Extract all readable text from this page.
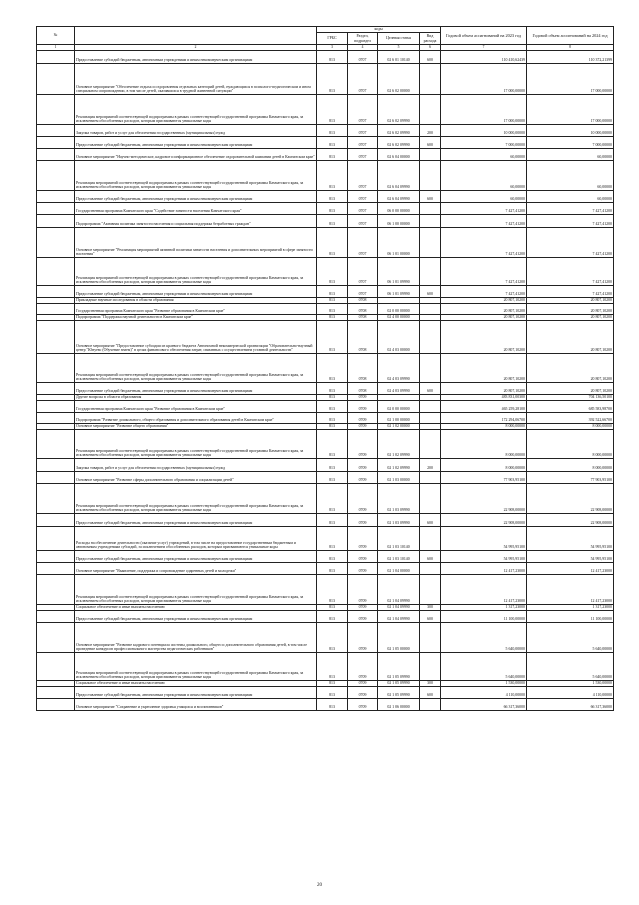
№		коды				Годовой объем ассигнований на 2023 год	Годовой объем ассигнований на 2024 год
		ГРБС	Раздел, подраздел	Целевая статья	Вид расхода		
1	2	3	4	5	6	7	8
	Предоставление субсидий бюджетным, автономным учреждениям и иным некоммерческим организациям	813	0707	02 6 01 10140	600	110 410,62439	110 372,21399
	Основное мероприятие "Обеспечение отдыха и оздоровления отдельных категорий детей, нуждающихся в психолого-педагогическом и ином специальном сопровождении, в том числе детей, оказавшихся в трудной жизненной ситуации"	813	0707	02 6 02 00000		17 000,00000	17 000,00000
	Реализация мероприятий соответствующей подпрограммы в рамках соответствующей государственной программы Камчатского края, за исключением обособленных расходов, которым присваиваются уникальные коды	813	0707	02 6 02 09990		17 000,00000	17 000,00000
	Закупка товаров, работ и услуг для обеспечения государственных (муниципальных) нужд	813	0707	02 6 02 09990	200	10 000,00000	10 000,00000
	Предоставление субсидий бюджетным, автономным учреждениям и иным некоммерческим организациям	813	0707	02 6 02 09990	600	7 000,00000	7 000,00000
	Основное мероприятие "Научно-методическое, кадровое и информационное обеспечение оздоровительной кампании детей в Камчатском крае"	813	0707	02 6 04 00000		60,00000	60,00000
	Реализация мероприятий соответствующей подпрограммы в рамках соответствующей государственной программы Камчатского края, за исключением обособленных расходов, которым присваиваются уникальные коды	813	0707	02 6 04 09990		60,00000	60,00000
	Предоставление субсидий бюджетным, автономным учреждениям и иным некоммерческим организациям	813	0707	02 6 04 09990	600	60,00000	60,00000
	Государственная программа Камчатского края "Содействие занятости населения Камчатского края"	813	0707	06 0 00 00000		7 427,41200	7 427,41200
	Подпрограмма "Активная политика занятости населения и социальная поддержка безработных граждан"	813	0707	06 1 00 00000		7 427,41200	7 427,41200
	Основное мероприятие "Реализация мероприятий активной политики занятости населения и дополнительных мероприятий в сфере занятости населения"	813	0707	06 1 01 00000		7 427,41200	7 427,41200
	Реализация мероприятий соответствующей подпрограммы в рамках соответствующей государственной программы Камчатского края, за исключением обособленных расходов, которым присваиваются уникальные коды	813	0707	06 1 01 09990		7 427,41200	7 427,41200
	Предоставление субсидий бюджетным, автономным учреждениям и иным некоммерческим организациям	813	0707	06 1 01 09990	600	7 427,41200	7 427,41200
	Прикладные научные исследования в области образования	813	0708			20 807,10200	20 807,10200
	Государственная программа Камчатского края "Развитие образования в Камчатском крае"	813	0708	02 0 00 00000		20 807,10200	20 807,10200
	Подпрограмма "Поддержка научной деятельности в Камчатском крае"	813	0708	02 4 00 00000		20 807,10200	20 807,10200
	Основное мероприятие "Предоставление субсидии из краевого бюджета Автономной некоммерческой организации "Образовательно-научный центр "Юнуевс (Обучение знаем)" в целях финансового обеспечения затрат, связанных с осуществлением уставной деятельности"	813	0708	02 4 03 00000		20 807,10200	20 807,10200
	Реализация мероприятий соответствующей подпрограммы в рамках соответствующей государственной программы Камчатского края, за исключением обособленных расходов, которым присваиваются уникальные коды	813	0708	02 4 03 09990		20 807,10200	20 807,10200
	Предоставление субсидий бюджетным, автономным учреждениям и иным некоммерческим организациям	813	0708	02 4 03 09990	600	20 807,10200	20 807,10200
	Другие вопросы в области образования	813	0709			483 831,00300	704 136,50100
	Государственная программа Камчатского края "Развитие образования в Камчатском крае"	813	0709	02 0 00 00000		465 259,28100	685 583,98700
	Подпрограмма "Развитие дошкольного, общего образования и дополнительного образования детей в Камчатском крае"	813	0709	02 1 00 00000		172 294,06700	392 522,66700
	Основное мероприятие "Развитие общего образования"	813	0709	02 1 02 00000		8 000,00000	8 000,00000
	Реализация мероприятий соответствующей подпрограммы в рамках соответствующей государственной программы Камчатского края, за исключением обособленных расходов, которым присваиваются уникальные коды	813	0709	02 1 02 09990		8 000,00000	8 000,00000
	Закупка товаров, работ и услуг для обеспечения государственных (муниципальных) нужд	813	0709	02 1 02 09990	200	8 000,00000	8 000,00000
	Основное мероприятие "Развитие сферы дополнительного образования и социализации детей"	813	0709	02 1 03 00000		77 903,95100	77 903,95100
	Реализация мероприятий соответствующей подпрограммы в рамках соответствующей государственной программы Камчатского края, за исключением обособленных расходов, которым присваиваются уникальные коды	813	0709	02 1 03 09990		22 908,00000	22 908,00000
	Предоставление субсидий бюджетным, автономным учреждениям и иным некоммерческим организациям	813	0709	02 1 03 09990	600	22 908,00000	22 908,00000
	Расходы на обеспечение деятельности (оказание услуг) учреждений, в том числе на предоставление государственным бюджетным и автономным учреждениям субсидий, за исключением обособленных расходов, которым присваиваются уникальные коды	813	0709	02 1 03 10140		54 995,95100	54 995,95100
	Предоставление субсидий бюджетным, автономным учреждениям и иным некоммерческим организациям	813	0709	02 1 03 10140	600	54 995,95100	54 995,95100
	Основное мероприятие "Выявление, поддержка и сопровождение одаренных детей и молодежи"	813	0709	02 1 04 00000		12 417,23000	12 417,23000
	Реализация мероприятий соответствующей подпрограммы в рамках соответствующей государственной программы Камчатского края, за исключением обособленных расходов, которым присваиваются уникальные коды	813	0709	02 1 04 09990		12 417,23000	12 417,23000
	Социальное обеспечение и иные выплаты населению	813	0709	02 1 04 09990	300	1 317,23000	1 317,23000
	Предоставление субсидий бюджетным, автономным учреждениям и иным некоммерческим организациям	813	0709	02 1 04 09990	600	11 100,00000	11 100,00000
	Основное мероприятие "Развитие кадрового потенциала системы дошкольного, общего и дополнительного образования детей, в том числе проведение конкурсов профессионального мастерства педагогических работников"	813	0709	02 1 05 00000		5 640,00000	5 640,00000
	Реализация мероприятий соответствующей подпрограммы в рамках соответствующей государственной программы Камчатского края, за исключением обособленных расходов, которым присваиваются уникальные коды	813	0709	02 1 05 09990		5 640,00000	5 640,00000
	Социальное обеспечение и иные выплаты населению	813	0709	02 1 05 09990	300	1 530,00000	1 530,00000
	Предоставление субсидий бюджетным, автономным учреждениям и иным некоммерческим организациям	813	0709	02 1 05 09990	600	4 110,00000	4 110,00000
	Основное мероприятие "Сохранение и укрепление здоровья учащихся и воспитанников"	813	0709	02 1 06 00000		66 317,36000	66 317,36000
20
